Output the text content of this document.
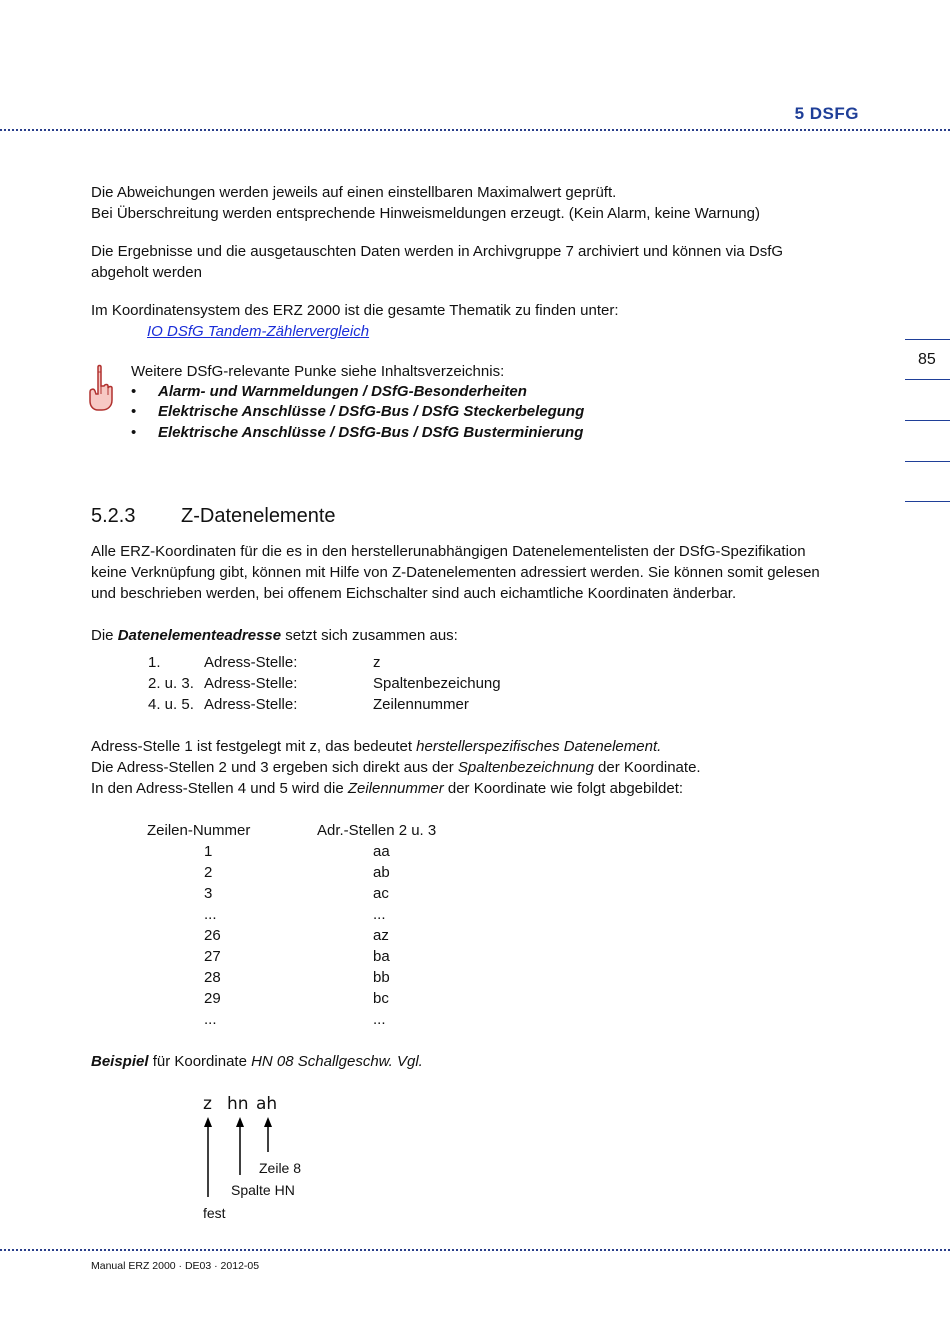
5 DSFG
85
Die Abweichungen werden jeweils auf einen einstellbaren Maximalwert geprüft.
Bei Überschreitung werden entsprechende Hinweismeldungen erzeugt. (Kein Alarm, keine Warnung)
Die Ergebnisse und die ausgetauschten Daten werden in Archivgruppe 7 archiviert und können via DsfG
abgeholt werden
Im Koordinatensystem des ERZ 2000 ist die gesamte Thematik zu finden unter:
IO DSfG Tandem-Zählervergleich
Weitere DSfG-relevante Punke siehe Inhaltsverzeichnis:
• Alarm- und Warnmeldungen / DSfG-Besonderheiten
• Elektrische Anschlüsse / DSfG-Bus / DSfG Steckerbelegung
• Elektrische Anschlüsse / DSfG-Bus / DSfG Busterminierung
5.2.3 Z-Datenelemente
Alle ERZ-Koordinaten für die es in den herstellerunabhängigen Datenelementelisten der DSfG-Spezifikation
keine Verknüpfung gibt, können mit Hilfe von Z-Datenelementen adressiert werden. Sie können somit gelesen
und beschrieben werden, bei offenem Eichschalter sind auch eichamtliche Koordinaten änderbar.
Die Datenelementeadresse setzt sich zusammen aus:
1.	Adress-Stelle:	z
2. u. 3. Adress-Stelle:	Spaltenbezeichung
4. u. 5. Adress-Stelle:	Zeilennummer
Adress-Stelle 1 ist festgelegt mit z, das bedeutet herstellerspezifisches Datenelement.
Die Adress-Stellen 2 und 3 ergeben sich direkt aus der Spaltenbezeichnung der Koordinate.
In den Adress-Stellen 4 und 5 wird die Zeilennummer der Koordinate wie folgt abgebildet:
Zeilen-Nummer	Adr.-Stellen 2 u. 3
1	aa
2	ab
3	ac
...	...
26	az
27	ba
28	bb
29	bc
...	...
Beispiel für Koordinate HN 08 Schallgeschw. Vgl.
z hn ah
Zeile 8
Spalte HN
fest
Manual ERZ 2000 · DE03 · 2012-05
